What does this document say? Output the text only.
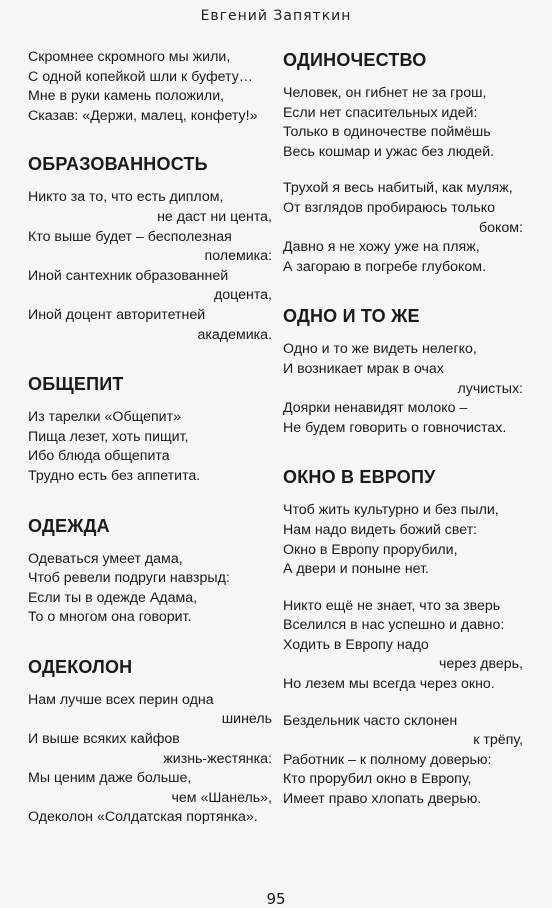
Евгений Запяткин
Скромнее скромного мы жили,
С одной копейкой шли к буфету…
Мне в руки камень положили,
Сказав: «Держи, малец, конфету!»
ОБРАЗОВАННОСТЬ
Никто за то, что есть диплом,
не даст ни цента,
Кто выше будет – бесполезная
полемика:
Иной сантехник образованней
доцента,
Иной доцент авторитетней
академика.
ОБЩЕПИТ
Из тарелки «Общепит»
Пища лезет, хоть пищит,
Ибо блюда общепита
Трудно есть без аппетита.
ОДЕЖДА
Одеваться умеет дама,
Чтоб ревели подруги навзрыд:
Если ты в одежде Адама,
То о многом она говорит.
ОДЕКОЛОН
Нам лучше всех перин одна
шинель
И выше всяких кайфов
жизнь-жестянка:
Мы ценим даже больше,
чем «Шанель»,
Одеколон «Солдатская портянка».
ОДИНОЧЕСТВО
Человек, он гибнет не за грош,
Если нет спасительных идей:
Только в одиночестве поймёшь
Весь кошмар и ужас без людей.
Трухой я весь набитый, как муляж,
От взглядов пробираюсь только
боком:
Давно я не хожу уже на пляж,
А загораю в погребе глубоком.
ОДНО И ТО ЖЕ
Одно и то же видеть нелегко,
И возникает мрак в очах
лучистых:
Доярки ненавидят молоко –
Не будем говорить о говночистах.
ОКНО В ЕВРОПУ
Чтоб жить культурно и без пыли,
Нам надо видеть божий свет:
Окно в Европу прорубили,
А двери и поныне нет.
Никто ещё не знает, что за зверь
Вселился в нас успешно и давно:
Ходить в Европу надо
через дверь,
Но лезем мы всегда через окно.
Бездельник часто склонен
к трёпу,
Работник – к полному доверью:
Кто прорубил окно в Европу,
Имеет право хлопать дверью.
95
